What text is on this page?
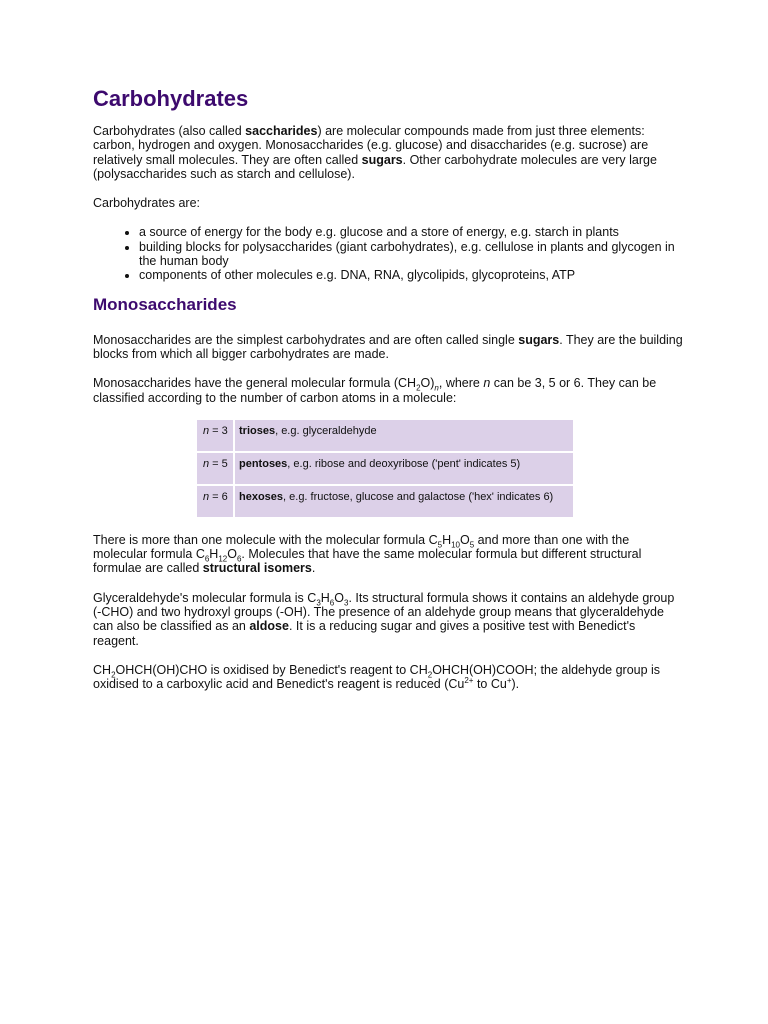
Carbohydrates

Carbohydrates (also called saccharides) are molecular compounds made from just three elements: carbon, hydrogen and oxygen. Monosaccharides (e.g. glucose) and disaccharides (e.g. sucrose) are relatively small molecules. They are often called sugars. Other carbohydrate molecules are very large (polysaccharides such as starch and cellulose).

Carbohydrates are:

• a source of energy for the body e.g. glucose and a store of energy, e.g. starch in plants
• building blocks for polysaccharides (giant carbohydrates), e.g. cellulose in plants and glycogen in the human body
• components of other molecules e.g. DNA, RNA, glycolipids, glycoproteins, ATP
Monosaccharides

Monosaccharides are the simplest carbohydrates and are often called single sugars. They are the building blocks from which all bigger carbohydrates are made.

Monosaccharides have the general molecular formula $(CH_2O)_n$, where n can be 3, 5 or 6. They can be classified according to the number of carbon atoms in a molecule:

n = 3	trioses, e.g. glyceraldehyde
n = 5	pentoses, e.g. ribose and deoxyribose ('pent' indicates 5)
n = 6	hexoses, e.g. fructose, glucose and galactose ('hex' indicates 6)

There is more than one molecule with the molecular formula $C_5H_{10}O_5$ and more than one with the molecular formula $C_6H_{12}O_6$. Molecules that have the same molecular formula but different structural formulae are called structural isomers.

Glyceraldehyde's molecular formula is $C_3H_6O_3$. Its structural formula shows it contains an aldehyde group (-CHO) and two hydroxyl groups (-OH). The presence of an aldehyde group means that glyceraldehyde can also be classified as an aldose. It is a reducing sugar and gives a positive test with Benedict's reagent.

$CH_2OHCH(OH)CHO$ is oxidised by Benedict's reagent to $CH_2OHCH(OH)COOH$; the aldehyde group is oxidised to a carboxylic acid and Benedict's reagent is reduced ($Cu^{2+}$ to Cu+).
